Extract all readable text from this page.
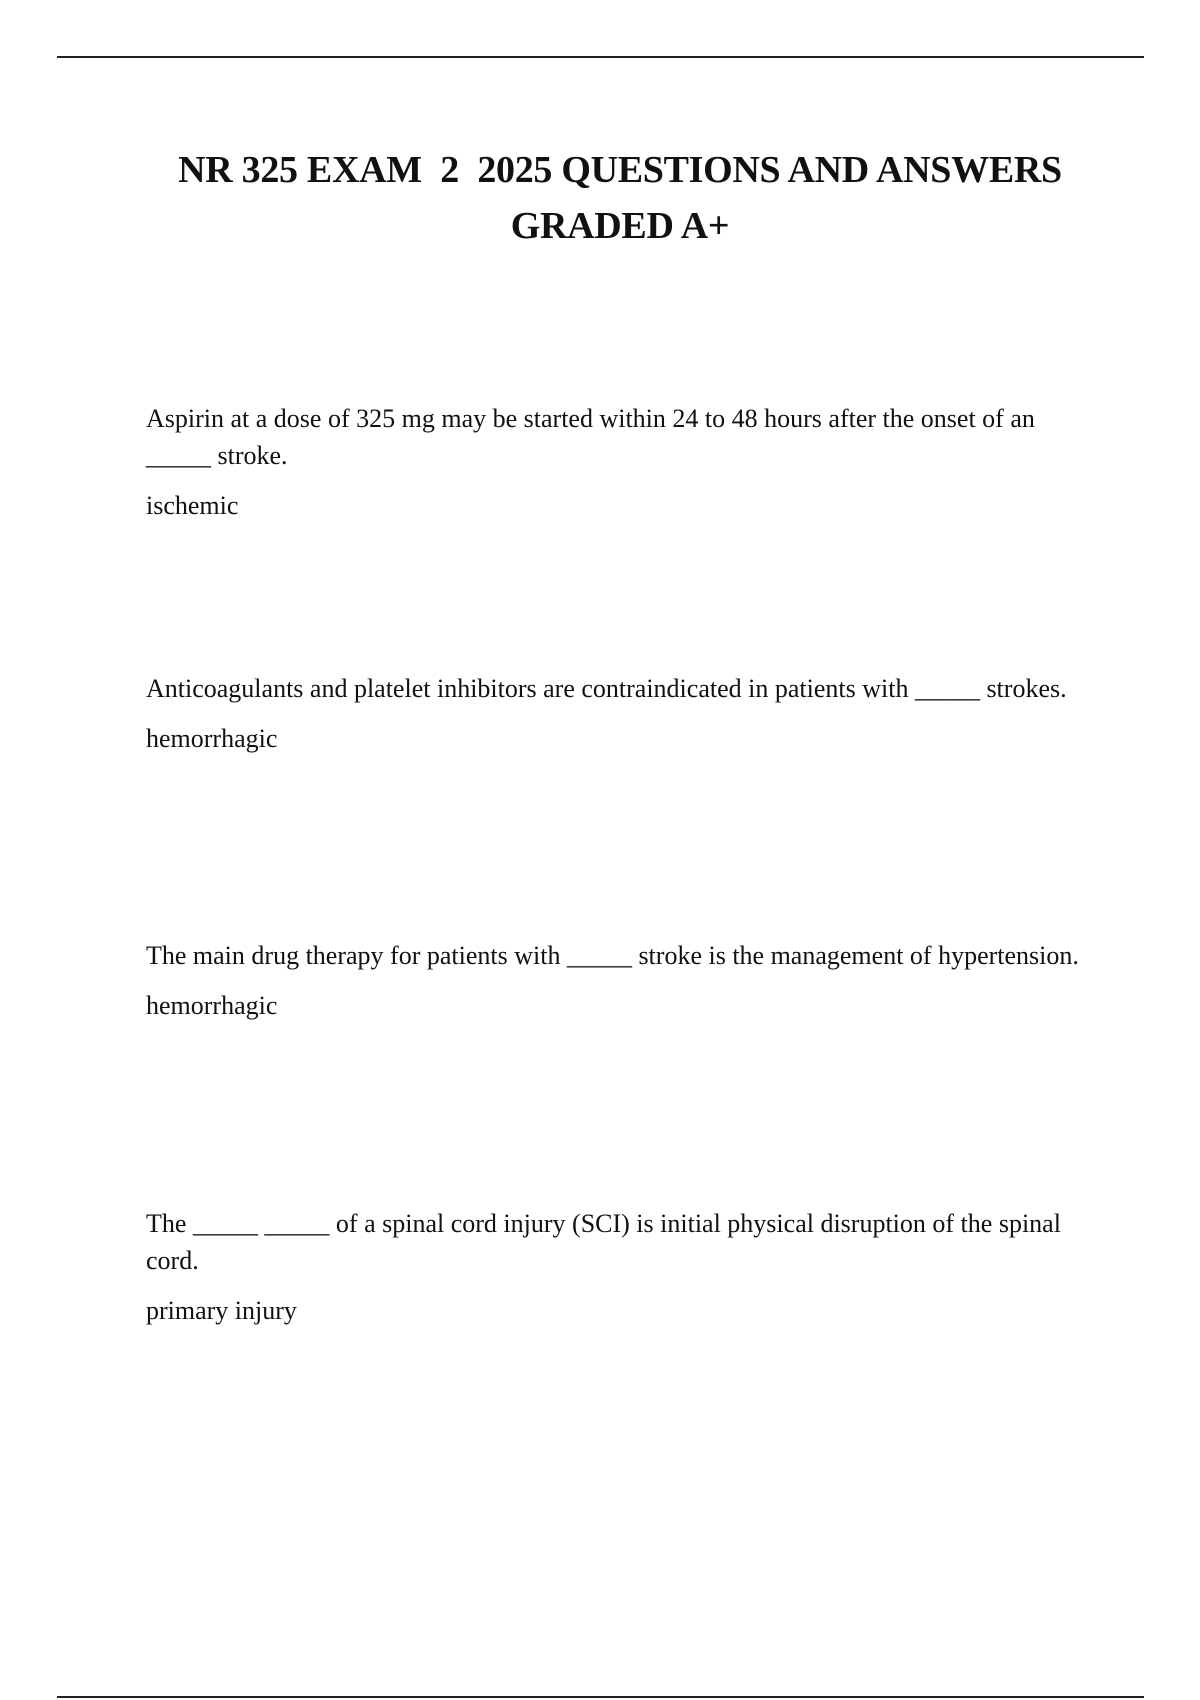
NR 325 EXAM  2  2025 QUESTIONS AND ANSWERS GRADED A+

Aspirin at a dose of 325 mg may be started within 24 to 48 hours after the onset of an _____ stroke.

ischemic

Anticoagulants and platelet inhibitors are contraindicated in patients with _____ strokes.

hemorrhagic

The main drug therapy for patients with _____ stroke is the management of hypertension.

hemorrhagic

The _____ _____ of a spinal cord injury (SCI) is initial physical disruption of the spinal cord.

primary injury
